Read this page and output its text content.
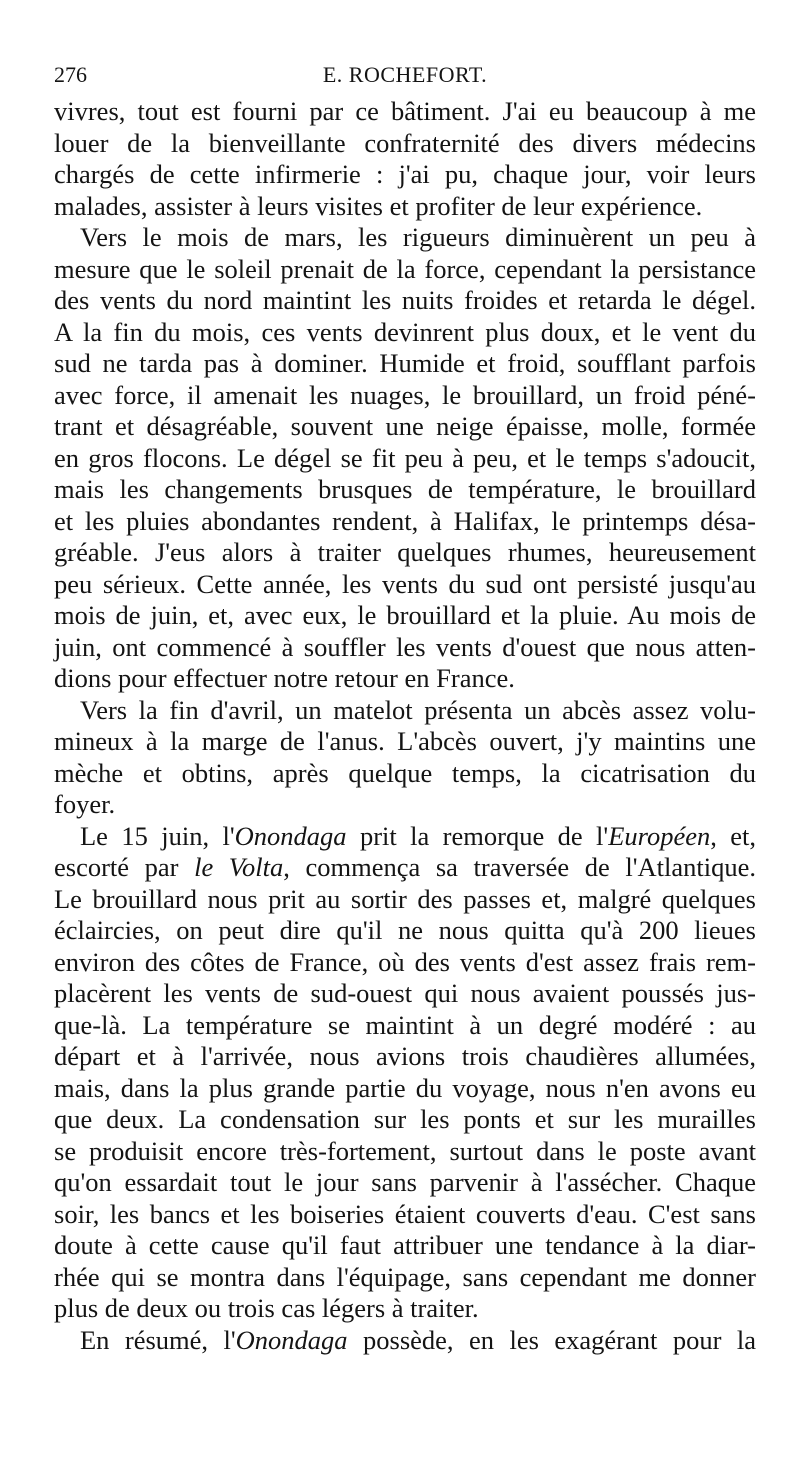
276	E. ROCHEFORT.
vivres, tout est fourni par ce bâtiment. J'ai eu beaucoup à me
louer de la bienveillante confraternité des divers médecins
chargés de cette infirmerie : j'ai pu, chaque jour, voir leurs
malades, assister à leurs visites et profiter de leur expérience.
Vers le mois de mars, les rigueurs diminuèrent un peu à
mesure que le soleil prenait de la force, cependant la persistance
des vents du nord maintint les nuits froides et retarda le dégel.
A la fin du mois, ces vents devinrent plus doux, et le vent du
sud ne tarda pas à dominer. Humide et froid, soufflant parfois
avec force, il amenait les nuages, le brouillard, un froid péné-
trant et désagréable, souvent une neige épaisse, molle, formée
en gros flocons. Le dégel se fit peu à peu, et le temps s'adoucit,
mais les changements brusques de température, le brouillard
et les pluies abondantes rendent, à Halifax, le printemps désa-
gréable. J'eus alors à traiter quelques rhumes, heureusement
peu sérieux. Cette année, les vents du sud ont persisté jusqu'au
mois de juin, et, avec eux, le brouillard et la pluie. Au mois de
juin, ont commencé à souffler les vents d'ouest que nous atten-
dions pour effectuer notre retour en France.
Vers la fin d'avril, un matelot présenta un abcès assez volu-
mineux à la marge de l'anus. L'abcès ouvert, j'y maintins une
mèche et obtins, après quelque temps, la cicatrisation du
foyer.
Le 15 juin, l'Onondaga prit la remorque de l'Européen, et,
escorté par le Volta, commença sa traversée de l'Atlantique.
Le brouillard nous prit au sortir des passes et, malgré quelques
éclaircies, on peut dire qu'il ne nous quitta qu'à 200 lieues
environ des côtes de France, où des vents d'est assez frais rem-
placèrent les vents de sud-ouest qui nous avaient poussés jus-
que-là. La température se maintint à un degré modéré : au
départ et à l'arrivée, nous avions trois chaudières allumées,
mais, dans la plus grande partie du voyage, nous n'en avons eu
que deux. La condensation sur les ponts et sur les murailles
se produisit encore très-fortement, surtout dans le poste avant
qu'on essardait tout le jour sans parvenir à l'assécher. Chaque
soir, les bancs et les boiseries étaient couverts d'eau. C'est sans
doute à cette cause qu'il faut attribuer une tendance à la diar-
rhée qui se montra dans l'équipage, sans cependant me donner
plus de deux ou trois cas légers à traiter.
En résumé, l'Onondaga possède, en les exagérant pour la
